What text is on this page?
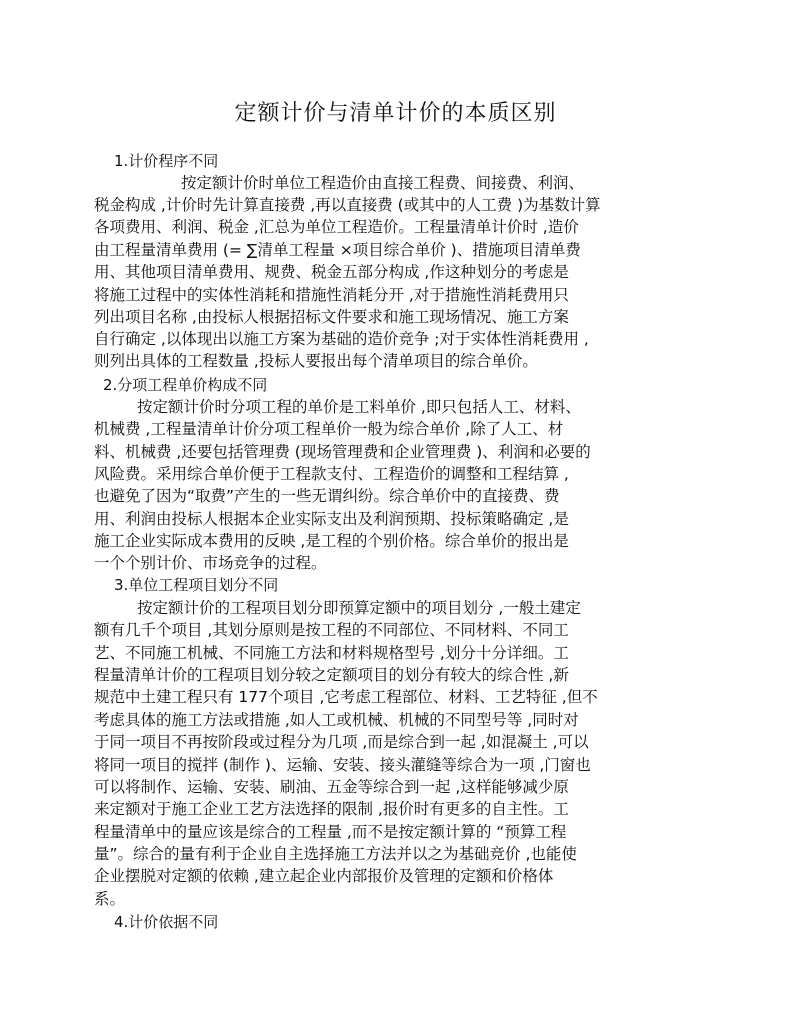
定额计价与清单计价的本质区别
1.计价程序不同
按定额计价时单位工程造价由直接工程费、间接费、利润、
税金构成 ,计价时先计算直接费 ,再以直接费 (或其中的人工费 )为基数计算
各项费用、利润、税金 ,汇总为单位工程造价。工程量清单计价时 ,造价
由工程量清单费用 (= ∑清单工程量 ×项目综合单价 )、措施项目清单费
用、其他项目清单费用、规费、税金五部分构成 ,作这种划分的考虑是
将施工过程中的实体性消耗和措施性消耗分开 ,对于措施性消耗费用只
列出项目名称 ,由投标人根据招标文件要求和施工现场情况、施工方案
自行确定 ,以体现出以施工方案为基础的造价竞争 ;对于实体性消耗费用 ,
则列出具体的工程数量 ,投标人要报出每个清单项目的综合单价。
2.分项工程单价构成不同
按定额计价时分项工程的单价是工料单价 ,即只包括人工、材料、
机械费 ,工程量清单计价分项工程单价一般为综合单价 ,除了人工、材
料、机械费 ,还要包括管理费 (现场管理费和企业管理费 )、利润和必要的
风险费。采用综合单价便于工程款支付、工程造价的调整和工程结算 ,
也避免了因为“取费”产生的一些无谓纠纷。综合单价中的直接费、费
用、利润由投标人根据本企业实际支出及利润预期、投标策略确定 ,是
施工企业实际成本费用的反映 ,是工程的个别价格。综合单价的报出是
一个个别计价、市场竞争的过程。
3.单位工程项目划分不同
按定额计价的工程项目划分即预算定额中的项目划分 ,一般土建定
额有几千个项目 ,其划分原则是按工程的不同部位、不同材料、不同工
艺、不同施工机械、不同施工方法和材料规格型号 ,划分十分详细。工
程量清单计价的工程项目划分较之定额项目的划分有较大的综合性 ,新
规范中土建工程只有 177个项目 ,它考虑工程部位、材料、工艺特征 ,但不
考虑具体的施工方法或措施 ,如人工或机械、机械的不同型号等 ,同时对
于同一项目不再按阶段或过程分为几项 ,而是综合到一起 ,如混凝土 ,可以
将同一项目的搅拌 (制作 )、运输、安装、接头灌缝等综合为一项 ,门窗也
可以将制作、运输、安装、刷油、五金等综合到一起 ,这样能够减少原
来定额对于施工企业工艺方法选择的限制 ,报价时有更多的自主性。工
程量清单中的量应该是综合的工程量 ,而不是按定额计算的 “预算工程
量”。综合的量有利于企业自主选择施工方法并以之为基础竞价 ,也能使
企业摆脱对定额的依赖 ,建立起企业内部报价及管理的定额和价格体
系。
4.计价依据不同
